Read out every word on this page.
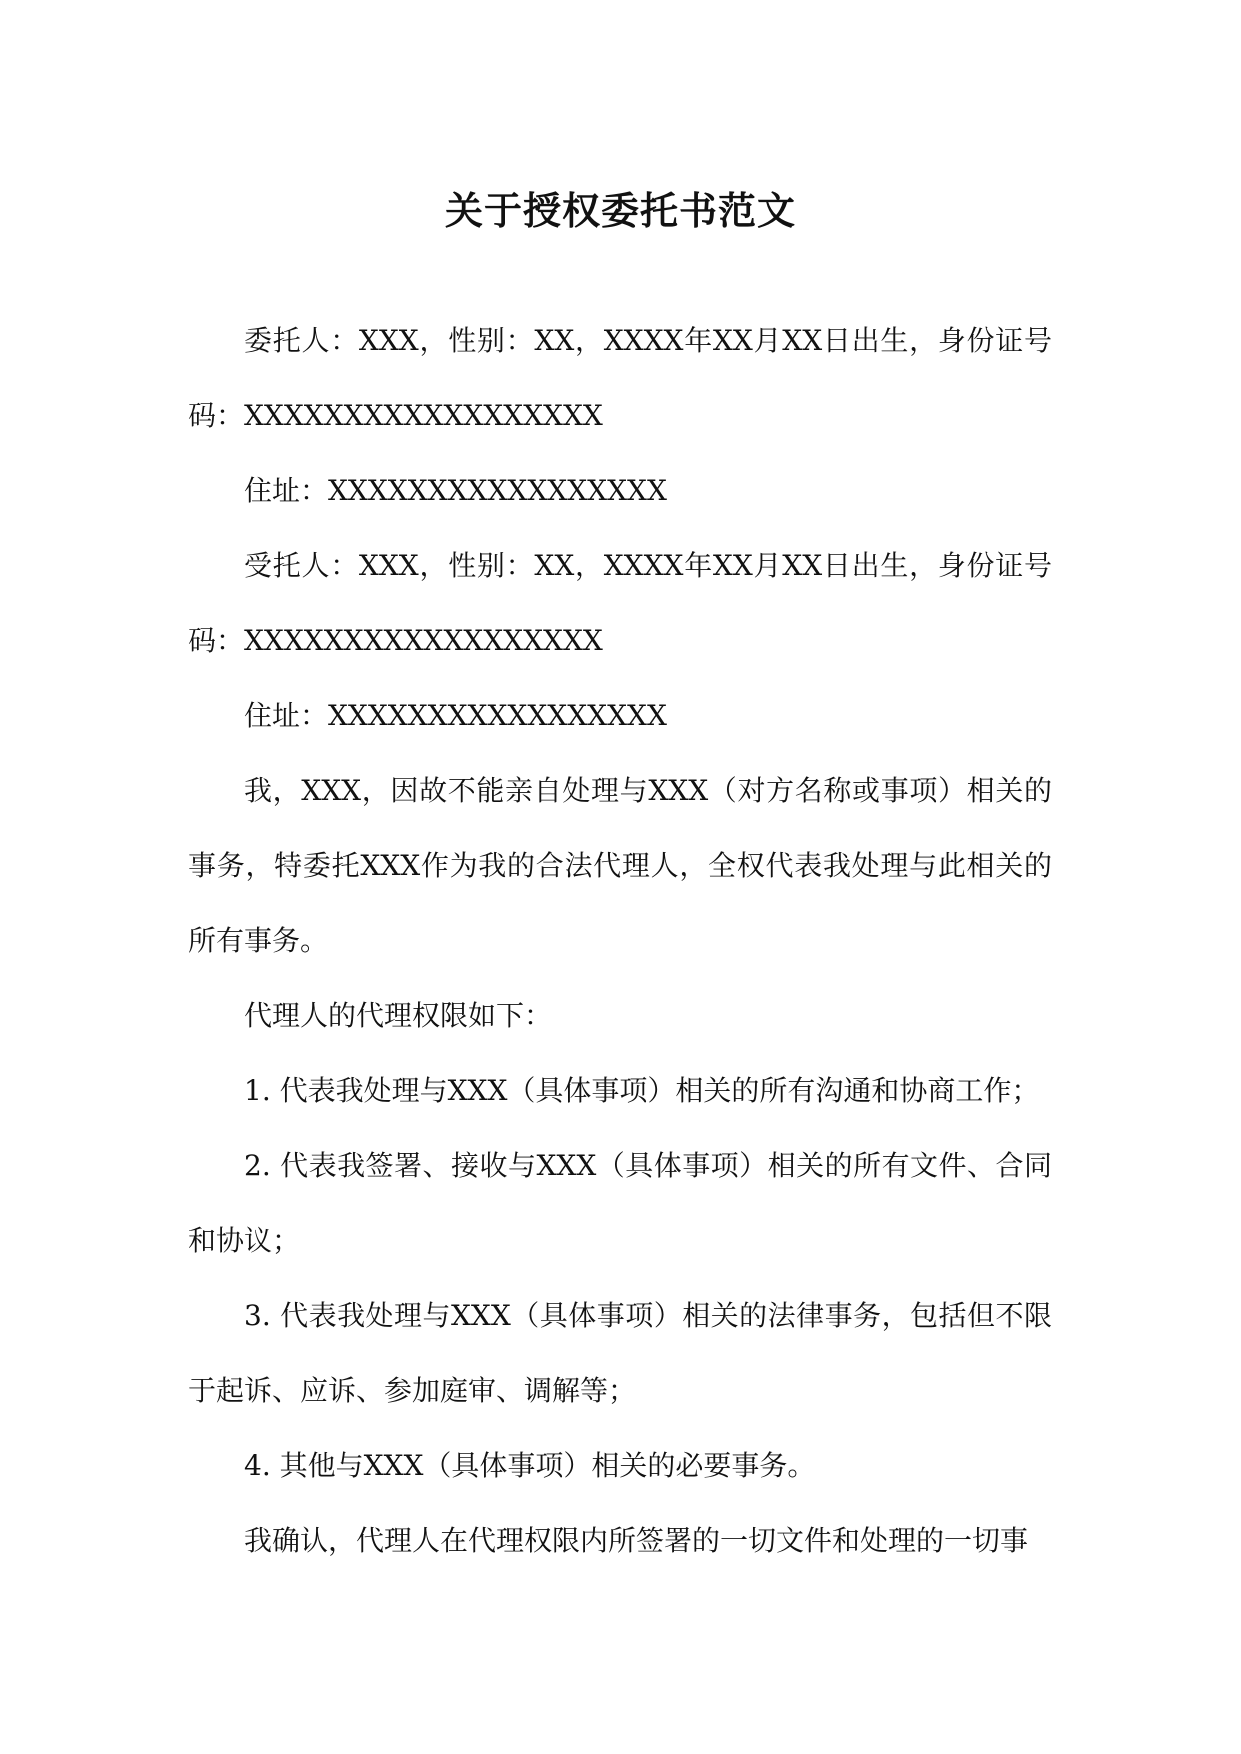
关于授权委托书范文

委托人：XXX，性别：XX，XXXX年XX月XX日出生，身份证号码：XXXXXXXXXXXXXXXXXX

住址：XXXXXXXXXXXXXXXXX

受托人：XXX，性别：XX，XXXX年XX月XX日出生，身份证号码：XXXXXXXXXXXXXXXXXX

住址：XXXXXXXXXXXXXXXXX

我，XXX，因故不能亲自处理与XXX（对方名称或事项）相关的事务，特委托XXX作为我的合法代理人，全权代表我处理与此相关的所有事务。

代理人的代理权限如下：

1. 代表我处理与XXX（具体事项）相关的所有沟通和协商工作；

2. 代表我签署、接收与XXX（具体事项）相关的所有文件、合同和协议；

3. 代表我处理与XXX（具体事项）相关的法律事务，包括但不限于起诉、应诉、参加庭审、调解等；

4. 其他与XXX（具体事项）相关的必要事务。

我确认，代理人在代理权限内所签署的一切文件和处理的一切事
